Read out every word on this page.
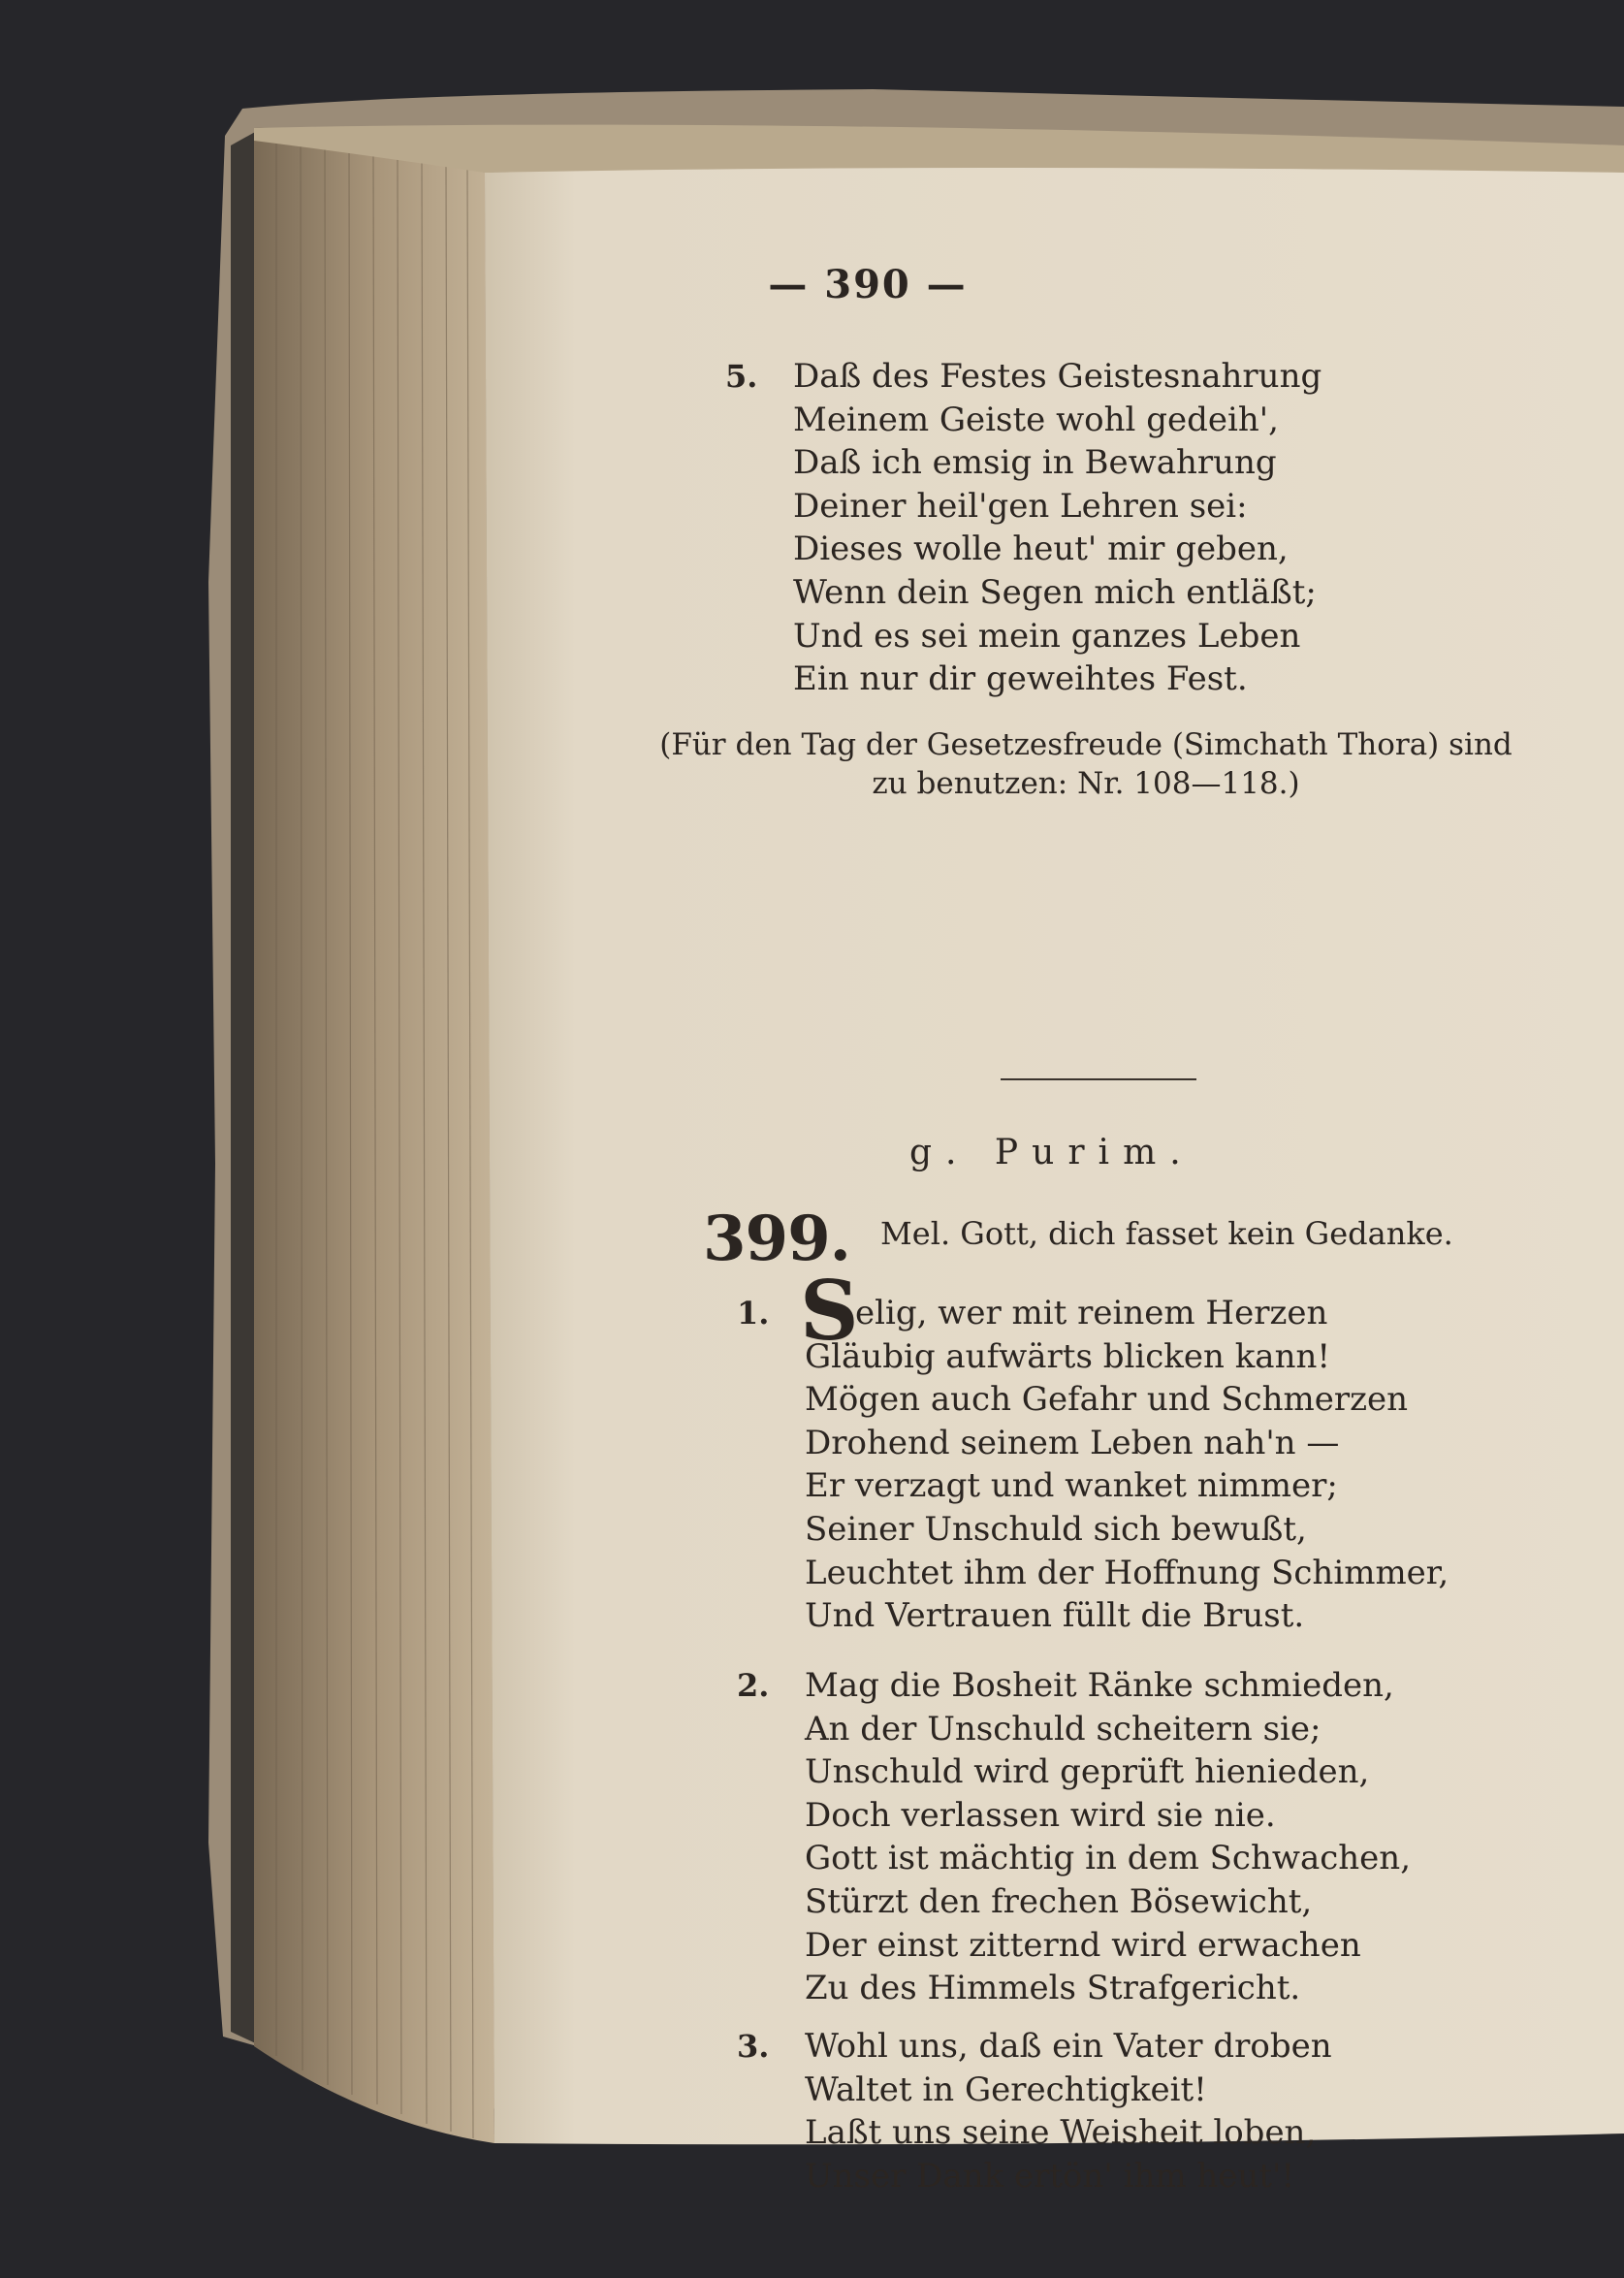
— 390 —
5.	Daß des Festes Geistesnahrung
Meinem Geiste wohl gedeih',
Daß ich emsig in Bewahrung
Deiner heil'gen Lehren sei:
Dieses wolle heut' mir geben,
Wenn dein Segen mich entläßt;
Und es sei mein ganzes Leben
Ein nur dir geweihtes Fest.
(Für den Tag der Gesetzesfreude (Simchath Thora) sind
zu benutzen: Nr. 108—118.)
g. Purim.
399. Mel. Gott, dich fasset kein Gedanke.
1.	elig, wer mit reinem Herzen
Gläubig aufwärts blicken kann!
Mögen auch Gefahr und Schmerzen
Drohend seinem Leben nah'n —
Er verzagt und wanket nimmer;
Seiner Unschuld sich bewußt,
Leuchtet ihm der Hoffnung Schimmer,
Und Vertrauen füllt die Brust.
S
2.	Mag die Bosheit Ränke schmieden,
An der Unschuld scheitern sie;
Unschuld wird geprüft hienieden,
Doch verlassen wird sie nie.
Gott ist mächtig in dem Schwachen,
Stürzt den frechen Bösewicht,
Der einst zitternd wird erwachen
Zu des Himmels Strafgericht.
3.	Wohl uns, daß ein Vater droben
Waltet in Gerechtigkeit!
Laßt uns seine Weisheit loben,
Unser Dank ertön' ihm heut'!
